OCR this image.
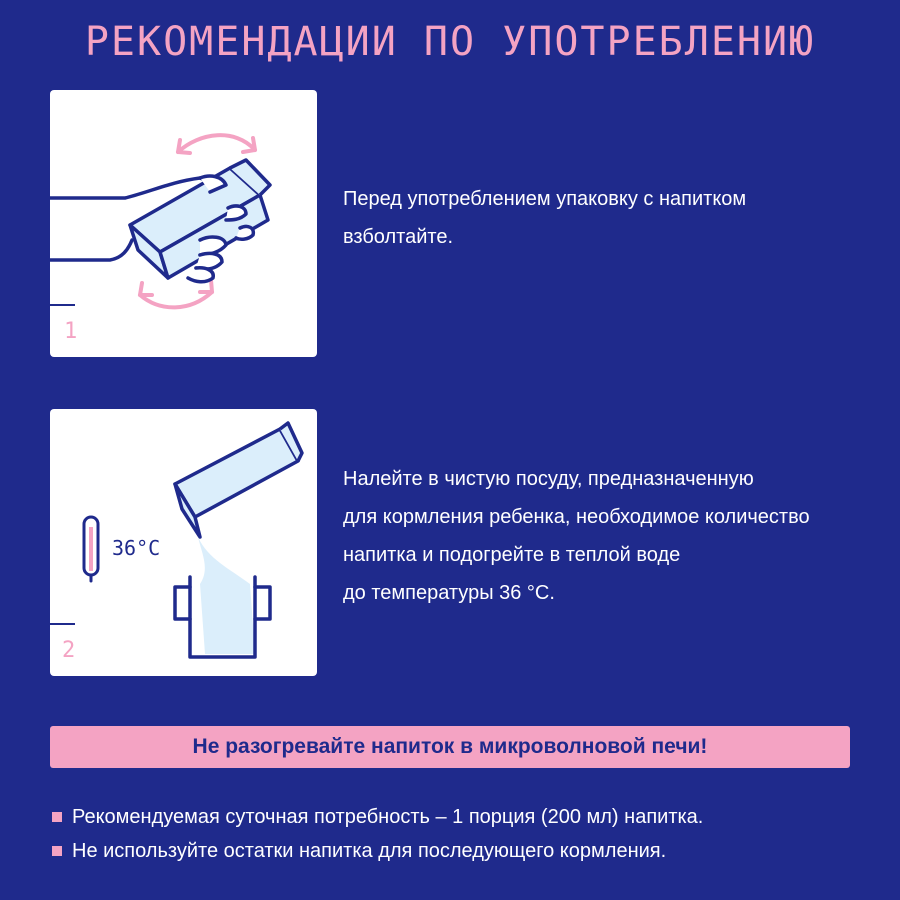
РЕКОМЕНДАЦИИ ПО УПОТРЕБЛЕНИЮ
1
Перед употреблением упаковку с напитком
взболтайте.
36°C
2
Налейте в чистую посуду, предназначенную
для кормления ребенка, необходимое количество
напитка и подогрейте в теплой воде
до температуры 36 °C.
Не разогревайте напиток в микроволновой печи!
Рекомендуемая суточная потребность – 1 порция (200 мл) напитка.
Не используйте остатки напитка для последующего кормления.
